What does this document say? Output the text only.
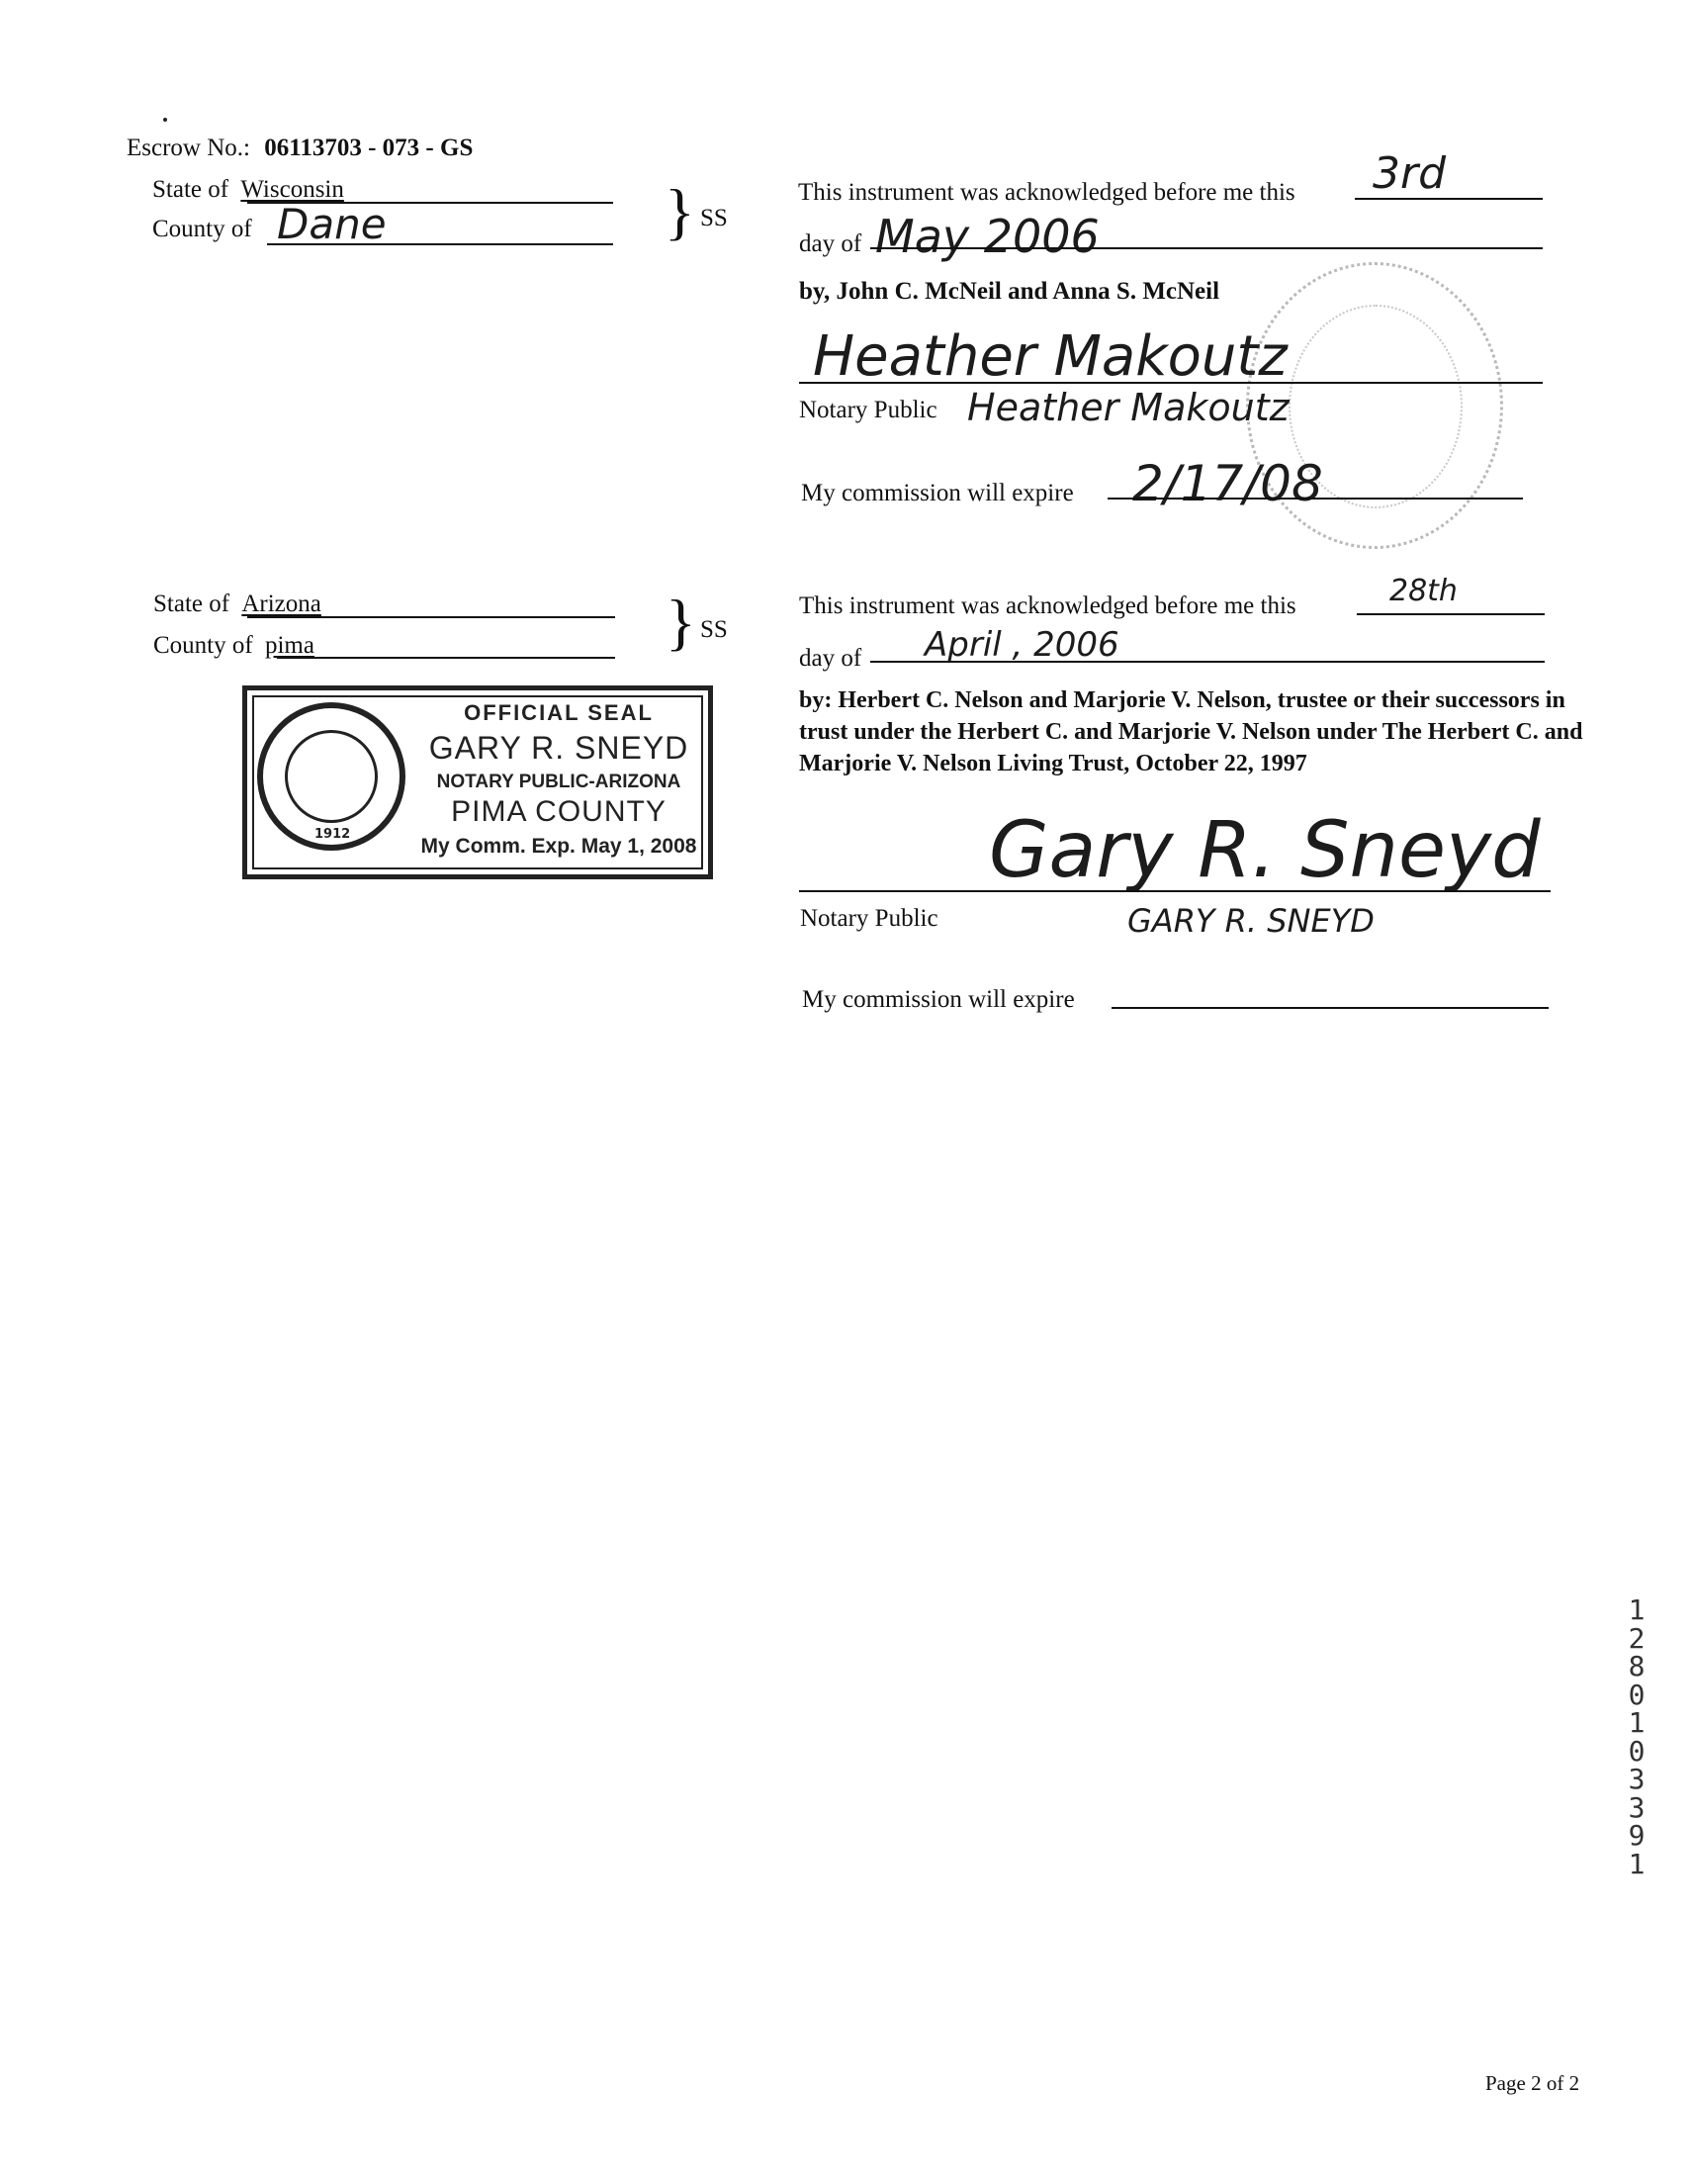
Escrow No.: 06113703 - 073 - GS
State of Wisconsin
County of Dane	} SS
This instrument was acknowledged before me this 3rd
day of May 2006
by, John C. McNeil and Anna S. McNeil
Heather Makoutz
Notary Public Heather Makoutz
My commission will expire 2/17/08
State of Arizona
County of pima	} SS
This instrument was acknowledged before me this	28th
day of April , 2006
by: Herbert C. Nelson and Marjorie V. Nelson, trustee or their successors in trust under the Herbert C. and Marjorie V. Nelson under The Herbert C. and Marjorie V. Nelson Living Trust, October 22, 1997
1912
OFFICIAL SEAL
GARY R. SNEYD
NOTARY PUBLIC-ARIZONA
PIMA COUNTY
My Comm. Exp. May 1, 2008	Gary R. Sneyd
Notary Public	GARY R. SNEYD
My commission will expire
1280103391
Page 2 of 2
